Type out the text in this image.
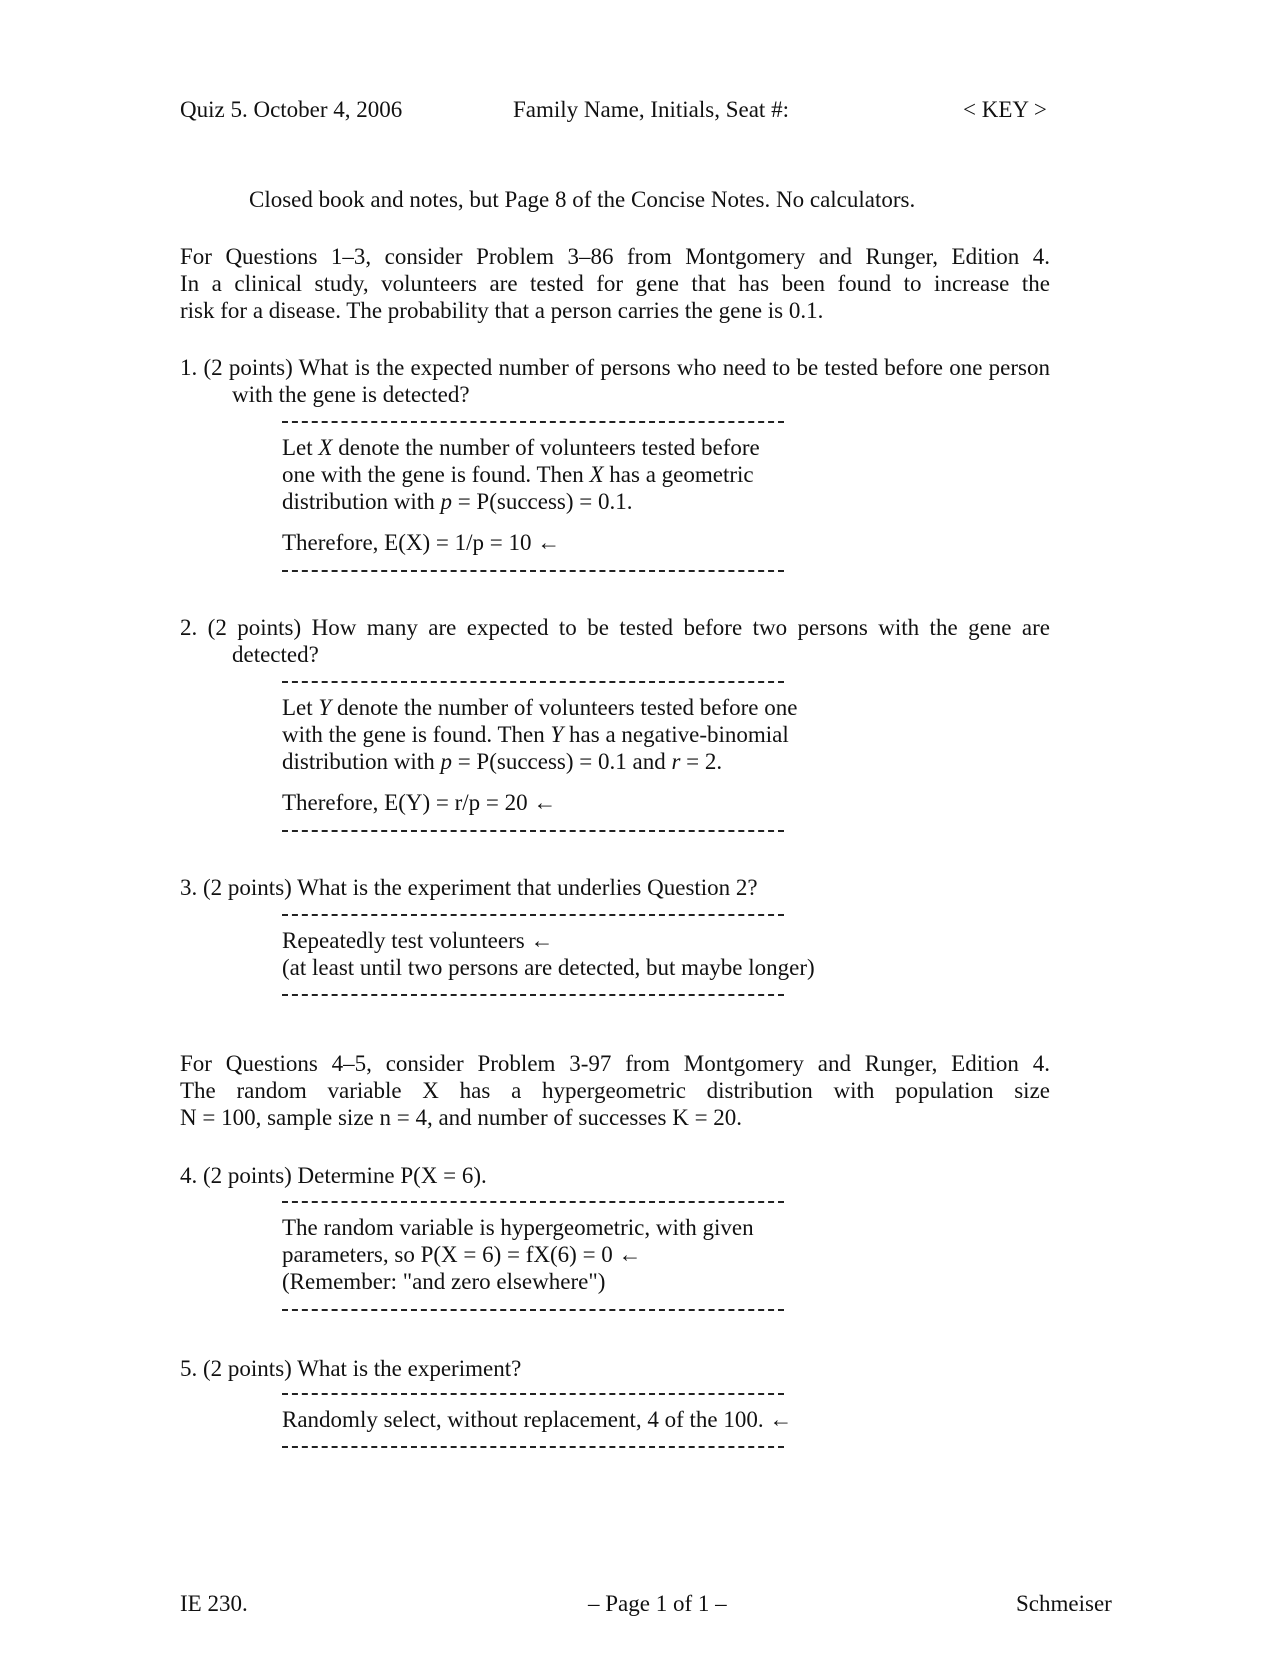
Quiz 5. October 4, 2006	Family Name, Initials, Seat #:	< KEY >
Closed book and notes, but Page 8 of the Concise Notes. No calculators.
For Questions 1–3, consider Problem 3–86 from Montgomery and Runger, Edition 4.
In a clinical study, volunteers are tested for gene that has been found to increase the
risk for a disease. The probability that a person carries the gene is 0.1.
1. (2 points) What is the expected number of persons who need to be tested before one person with the gene is detected?
Let X denote the number of volunteers tested before
one with the gene is found. Then X has a geometric
distribution with p = P(success) = 0.1.
Therefore, E(X) = 1/p = 10 ←
2. (2 points) How many are expected to be tested before two persons with the gene are detected?
Let Y denote the number of volunteers tested before one
with the gene is found. Then Y has a negative-binomial
distribution with p = P(success) = 0.1 and r = 2.
Therefore, E(Y) = r/p = 20 ←
3. (2 points) What is the experiment that underlies Question 2?
Repeatedly test volunteers ←
(at least until two persons are detected, but maybe longer)
For Questions 4–5, consider Problem 3-97 from Montgomery and Runger, Edition 4.
The random variable X has a hypergeometric distribution with population size
N = 100, sample size n = 4, and number of successes K = 20.
4. (2 points) Determine P(X = 6).
The random variable is hypergeometric, with given
parameters, so P(X = 6) = fX(6) = 0 ←
(Remember: "and zero elsewhere")
5. (2 points) What is the experiment?
Randomly select, without replacement, 4 of the 100. ←
IE 230.	– Page 1 of 1 –	Schmeiser
